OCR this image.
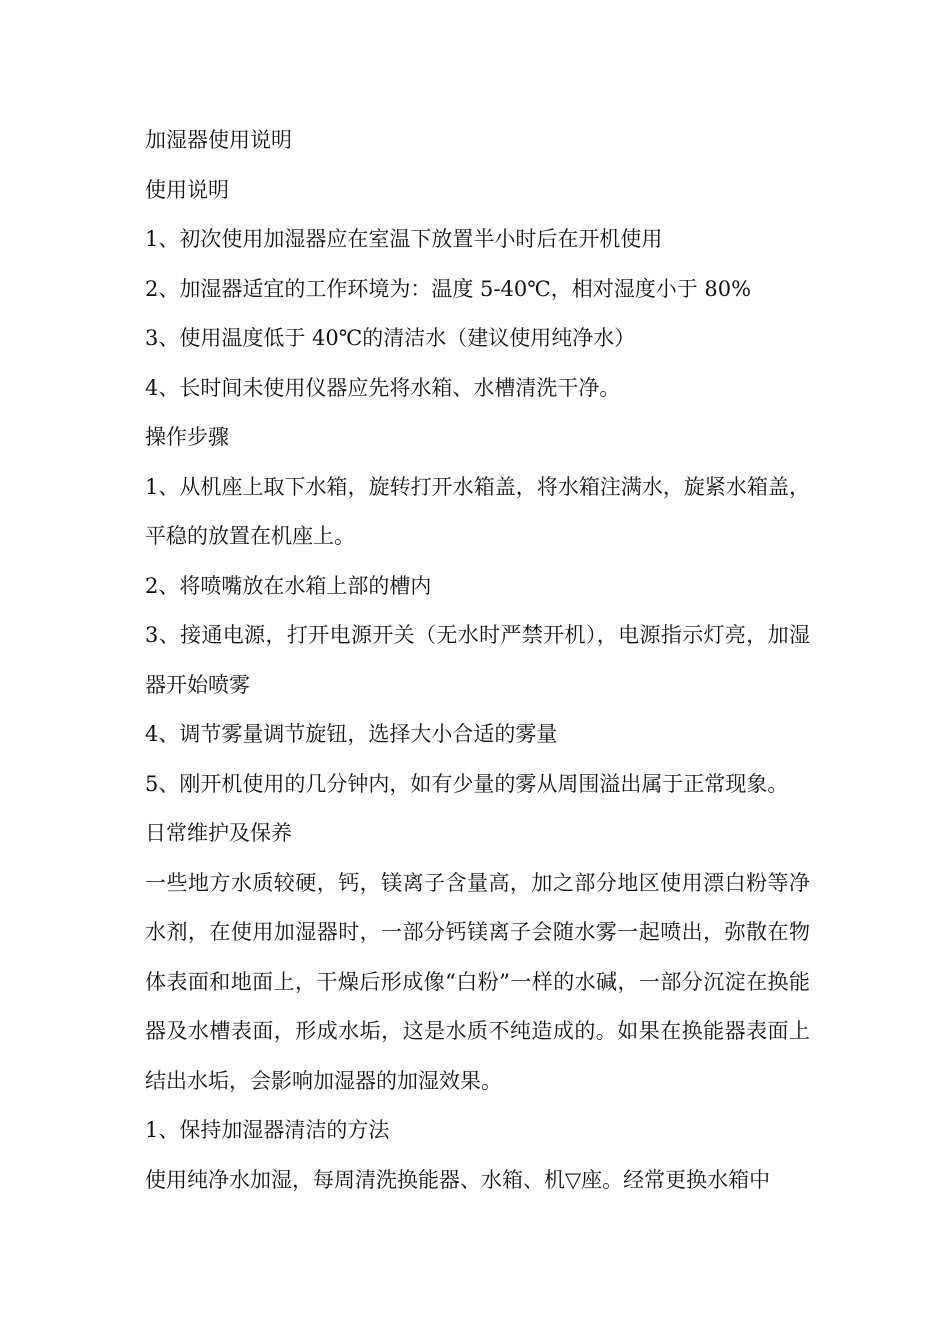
加湿器使用说明

使用说明

1、初次使用加湿器应在室温下放置半小时后在开机使用

2、加湿器适宜的工作环境为：温度 5-40℃，相对湿度小于 80%

3、使用温度低于 40℃的清洁水（建议使用纯净水）

4、长时间未使用仪器应先将水箱、水槽清洗干净。

操作步骤

1、从机座上取下水箱，旋转打开水箱盖，将水箱注满水，旋紧水箱盖，平稳的放置在机座上。

2、将喷嘴放在水箱上部的槽内

3、接通电源，打开电源开关（无水时严禁开机），电源指示灯亮，加湿器开始喷雾

4、调节雾量调节旋钮，选择大小合适的雾量

5、刚开机使用的几分钟内，如有少量的雾从周围溢出属于正常现象。

日常维护及保养

一些地方水质较硬，钙，镁离子含量高，加之部分地区使用漂白粉等净水剂，在使用加湿器时，一部分钙镁离子会随水雾一起喷出，弥散在物体表面和地面上，干燥后形成像“白粉”一样的水碱，一部分沉淀在换能器及水槽表面，形成水垢，这是水质不纯造成的。如果在换能器表面上结出水垢，会影响加湿器的加湿效果。

1、保持加湿器清洁的方法

使用纯净水加湿，每周清洗换能器、水箱、机▽座。经常更换水箱中
